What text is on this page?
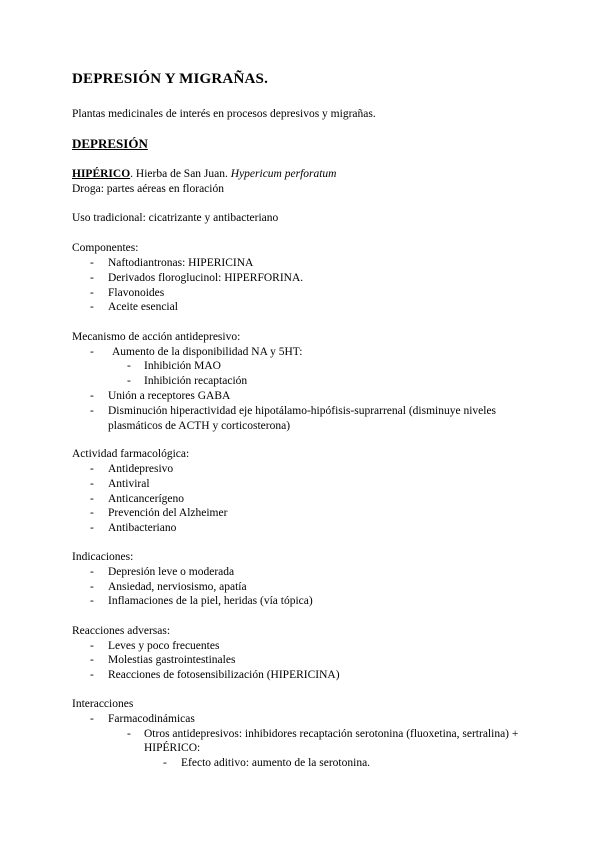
DEPRESIÓN Y MIGRAÑAS.
Plantas medicinales de interés en procesos depresivos y migrañas.
DEPRESIÓN
HIPÉRICO. Hierba de San Juan. Hypericum perforatum
Droga: partes aéreas en floración
Uso tradicional: cicatrizante y antibacteriano
Componentes:
- Naftodiantronas: HIPERICINA
- Derivados floroglucinol: HIPERFORINA.
- Flavonoides
- Aceite esencial
Mecanismo de acción antidepresivo:
- Aumento de la disponibilidad NA y 5HT:
- Inhibición MAO
- Inhibición recaptación
- Unión a receptores GABA
- Disminución hiperactividad eje hipotálamo-hipófisis-suprarrenal (disminuye niveles
plasmáticos de ACTH y corticosterona)
Actividad farmacológica:
- Antidepresivo
- Antiviral
- Anticancerígeno
- Prevención del Alzheimer
- Antibacteriano
Indicaciones:
- Depresión leve o moderada
- Ansiedad, nerviosismo, apatía
- Inflamaciones de la piel, heridas (vía tópica)
Reacciones adversas:
- Leves y poco frecuentes
- Molestias gastrointestinales
- Reacciones de fotosensibilización (HIPERICINA)
Interacciones
- Farmacodinámicas
- Otros antidepresivos: inhibidores recaptación serotonina (fluoxetina, sertralina) +
HIPÉRICO:
- Efecto aditivo: aumento de la serotonina.
